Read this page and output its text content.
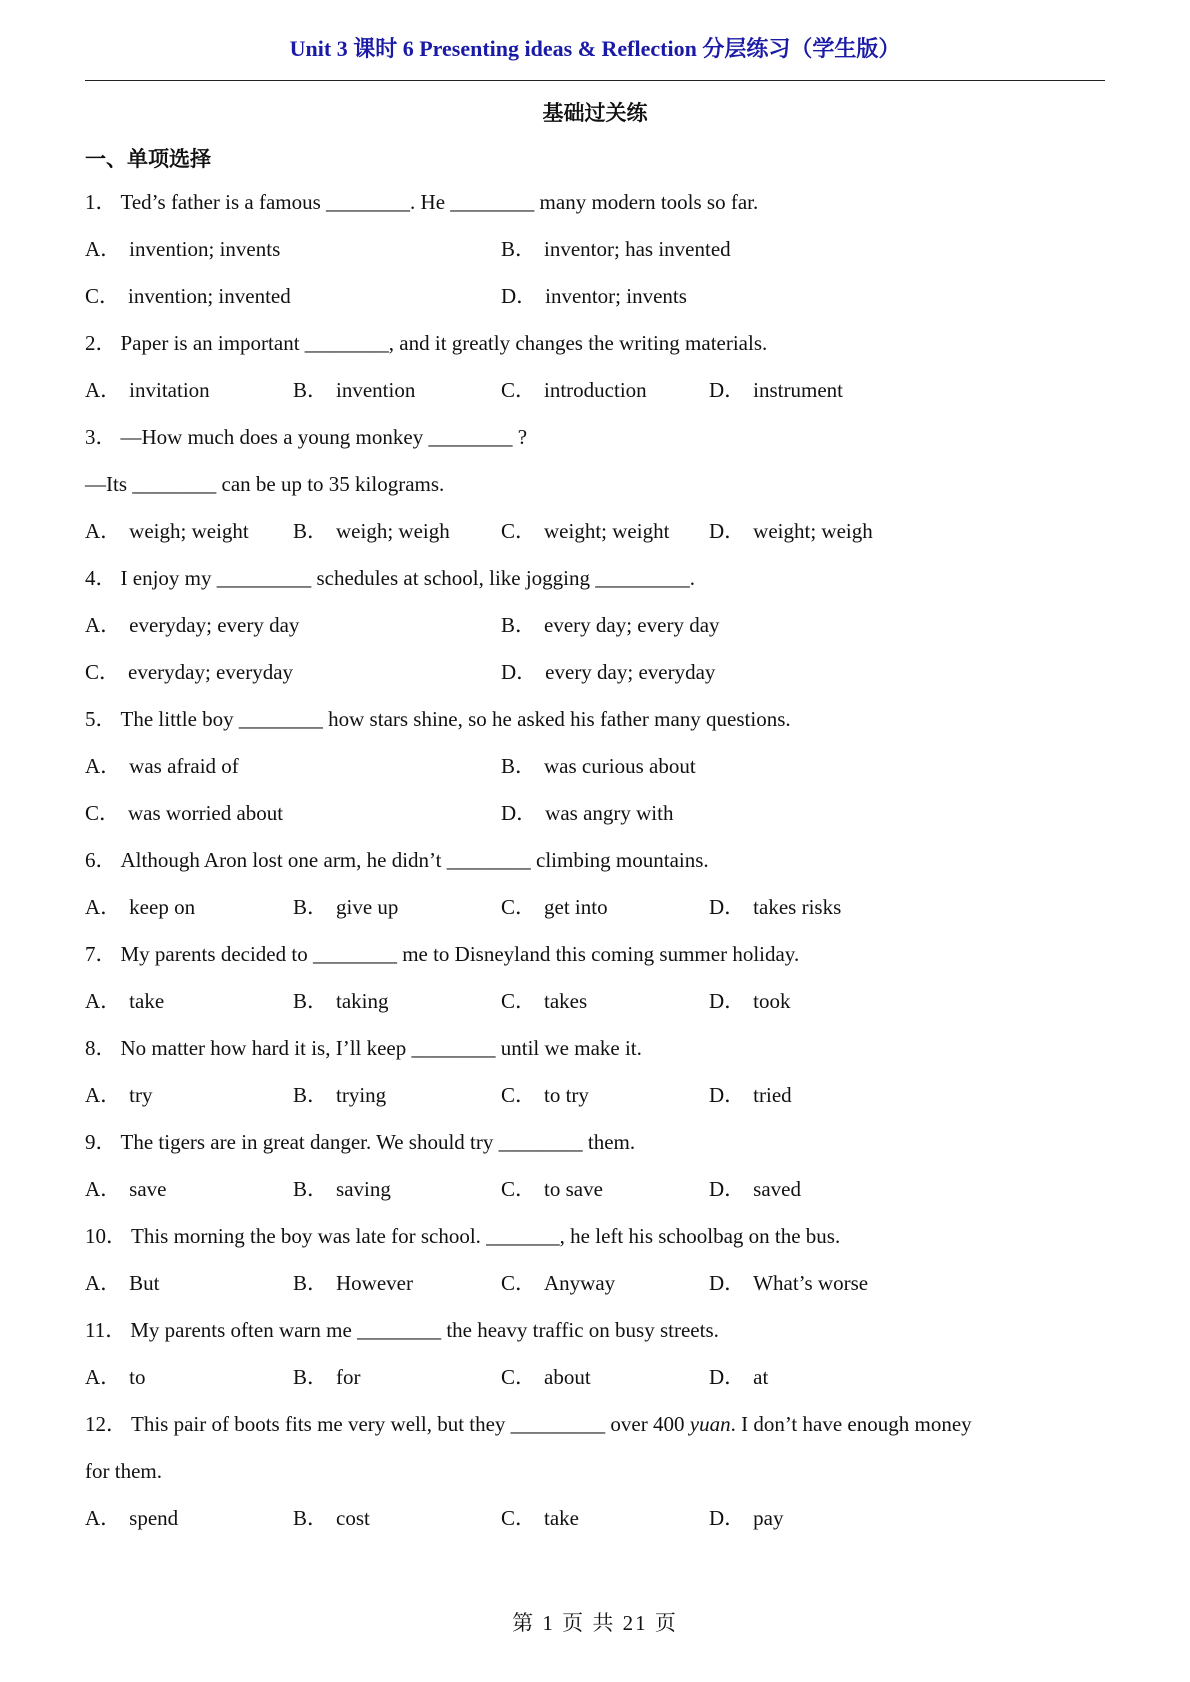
Unit 3 课时 6 Presenting ideas & Reflection 分层练习（学生版）
基础过关练
一、单项选择
1． Ted’s father is a famous ________. He ________ many modern tools so far.
A． invention; invents	B． inventor; has invented
C． invention; invented	D． inventor; invents
2． Paper is an important ________, and it greatly changes the writing materials.
A． invitation	B． invention	C． introduction	D． instrument
3． —How much does a young monkey ________ ?
—Its ________ can be up to 35 kilograms.
A． weigh; weight B． weigh; weigh C． weight; weight D． weight; weigh
4． I enjoy my _________ schedules at school, like jogging _________.
A． everyday; every day	B． every day; every day
C． everyday; everyday	D． every day; everyday
5． The little boy ________ how stars shine, so he asked his father many questions.
A． was afraid of	B． was curious about
C． was worried about	D． was angry with
6． Although Aron lost one arm, he didn’t ________ climbing mountains.
A． keep on	B． give up	C． get into	D． takes risks
7． My parents decided to ________ me to Disneyland this coming summer holiday.
A． take	B． taking	C． takes	D． took
8． No matter how hard it is, I’ll keep ________ until we make it.
A． try	B． trying	C． to try	D． tried
9． The tigers are in great danger. We should try ________ them.
A． save	B． saving	C． to save	D． saved
10． This morning the boy was late for school. _______, he left his schoolbag on the bus.
A． But	B． However	C． Anyway	D． What’s worse
11． My parents often warn me ________ the heavy traffic on busy streets.
A． to	B． for	C． about	D． at
12． This pair of boots fits me very well, but they _________ over 400 yuan. I don’t have enough money
for them.
A． spend	B． cost	C． take	D． pay
第 1 页 共 21 页
